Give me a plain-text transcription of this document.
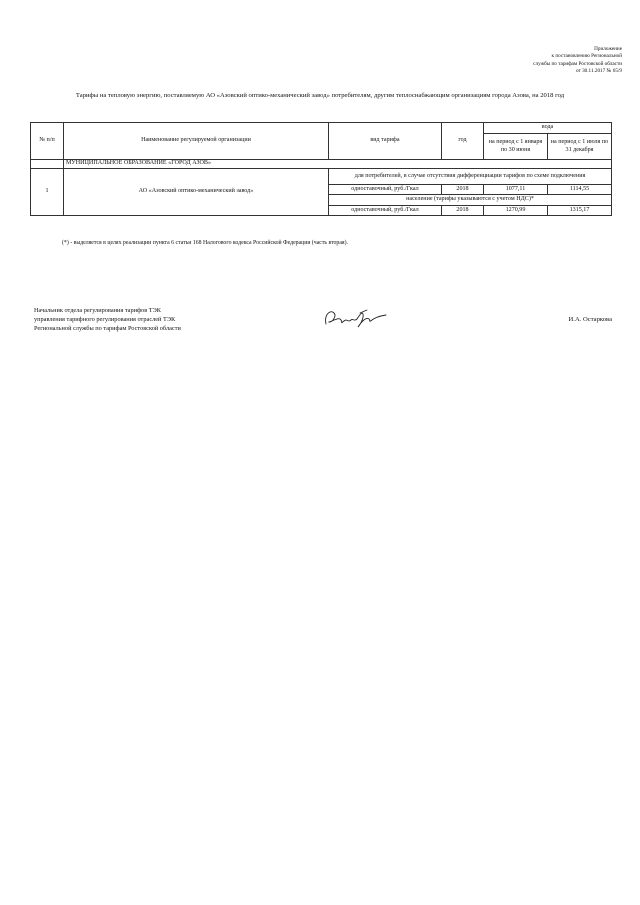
Приложение
к постановлению Региональной
службы по тарифам Ростовской области
от 30.11.2017 № 65/9
Тарифы на тепловую энергию, поставляемую АО «Азовский оптико-механический завод» потребителям, другим теплоснабжающим организациям города Азова, на 2018 год
№ п/п	Наименование регулируемой организации	вид тарифа	год	вода	
				на период с 1 января по 30 июня	на период с 1 июля по 31 декабря
	МУНИЦИПАЛЬНОЕ ОБРАЗОВАНИЕ «ГОРОД АЗОВ»				
1	АО «Азовский оптико-механический завод»	для потребителей, в случае отсутствия дифференциации тарифов по схеме подключения			
		одноставочный, руб./Гкал	2018	1077,11	1114,55
		население (тарифы указываются с учетом НДС)*			
		одноставочный, руб./Гкал	2018	1270,99	1315,17
(*) - выделяется в целях реализации пункта 6 статьи 168 Налогового кодекса Российской Федерации (часть вторая).
Начальник отдела регулирования тарифов ТЭК
управления тарифного регулирования отраслей ТЭК
Региональной службы по тарифам Ростовской области
И.А. Остаркова
